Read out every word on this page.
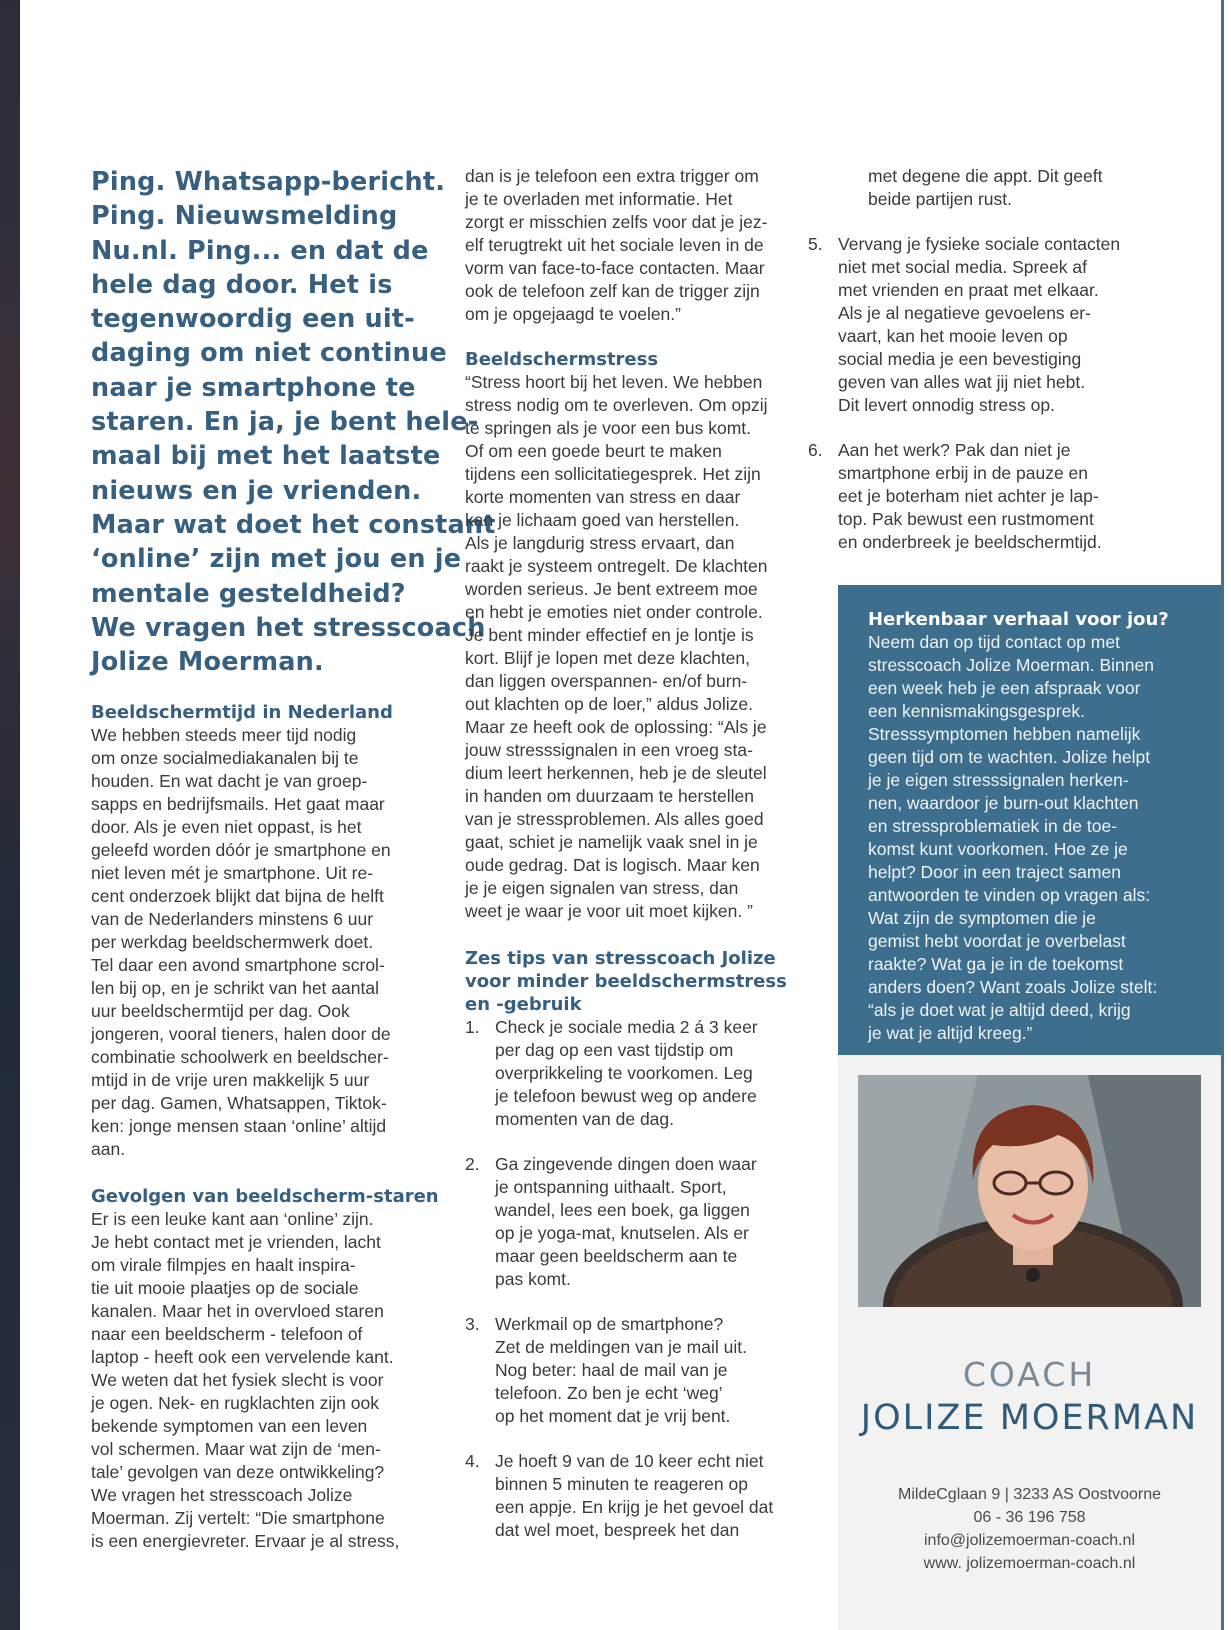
Ping. Whatsapp-bericht.
Ping. Nieuwsmelding
Nu.nl. Ping... en dat de
hele dag door. Het is
tegenwoordig een uit-
daging om niet continue
naar je smartphone te
staren. En ja, je bent hele-
maal bij met het laatste
nieuws en je vrienden.
Maar wat doet het constant
‘online’ zijn met jou en je
mentale gesteldheid?
We vragen het stresscoach
Jolize Moerman.
Beeldschermtijd in Nederland
We hebben steeds meer tijd nodig
om onze socialmediakanalen bij te
houden. En wat dacht je van groep-
sapps en bedrijfsmails. Het gaat maar
door. Als je even niet oppast, is het
geleefd worden dóór je smartphone en
niet leven mét je smartphone. Uit re-
cent onderzoek blijkt dat bijna de helft
van de Nederlanders minstens 6 uur
per werkdag beeldschermwerk doet.
Tel daar een avond smartphone scrol-
len bij op, en je schrikt van het aantal
uur beeldschermtijd per dag. Ook
jongeren, vooral tieners, halen door de
combinatie schoolwerk en beeldscher-
mtijd in de vrije uren makkelijk 5 uur
per dag. Gamen, Whatsappen, Tiktok-
ken: jonge mensen staan ‘online’ altijd
aan.
Gevolgen van beeldscherm-staren
Er is een leuke kant aan ‘online’ zijn.
Je hebt contact met je vrienden, lacht
om virale filmpjes en haalt inspira-
tie uit mooie plaatjes op de sociale
kanalen. Maar het in overvloed staren
naar een beeldscherm - telefoon of
laptop - heeft ook een vervelende kant.
We weten dat het fysiek slecht is voor
je ogen. Nek- en rugklachten zijn ook
bekende symptomen van een leven
vol schermen. Maar wat zijn de ‘men-
tale’ gevolgen van deze ontwikkeling?
We vragen het stresscoach Jolize
Moerman. Zij vertelt: “Die smartphone
is een energievreter. Ervaar je al stress,
dan is je telefoon een extra trigger om
je te overladen met informatie. Het
zorgt er misschien zelfs voor dat je jez-
elf terugtrekt uit het sociale leven in de
vorm van face-to-face contacten. Maar
ook de telefoon zelf kan de trigger zijn
om je opgejaagd te voelen.”
Beeldschermstress
“Stress hoort bij het leven. We hebben
stress nodig om te overleven. Om opzij
te springen als je voor een bus komt.
Of om een goede beurt te maken
tijdens een sollicitatiegesprek. Het zijn
korte momenten van stress en daar
kan je lichaam goed van herstellen.
Als je langdurig stress ervaart, dan
raakt je systeem ontregelt. De klachten
worden serieus. Je bent extreem moe
en hebt je emoties niet onder controle.
Je bent minder effectief en je lontje is
kort. Blijf je lopen met deze klachten,
dan liggen overspannen- en/of burn-
out klachten op de loer,” aldus Jolize.
Maar ze heeft ook de oplossing: “Als je
jouw stresssignalen in een vroeg sta-
dium leert herkennen, heb je de sleutel
in handen om duurzaam te herstellen
van je stressproblemen. Als alles goed
gaat, schiet je namelijk vaak snel in je
oude gedrag. Dat is logisch. Maar ken
je je eigen signalen van stress, dan
weet je waar je voor uit moet kijken. ”
Zes tips van stresscoach Jolize
voor minder beeldschermstress
en -gebruik
1. Check je sociale media 2 á 3 keer
per dag op een vast tijdstip om
overprikkeling te voorkomen. Leg
je telefoon bewust weg op andere
momenten van de dag.
2. Ga zingevende dingen doen waar
je ontspanning uithaalt. Sport,
wandel, lees een boek, ga liggen
op je yoga-mat, knutselen. Als er
maar geen beeldscherm aan te
pas komt.
3. Werkmail op de smartphone?
Zet de meldingen van je mail uit.
Nog beter: haal de mail van je
telefoon. Zo ben je echt ‘weg’
op het moment dat je vrij bent.
4. Je hoeft 9 van de 10 keer echt niet
binnen 5 minuten te reageren op
een appje. En krijg je het gevoel dat
dat wel moet, bespreek het dan
met degene die appt. Dit geeft
beide partijen rust.
5. Vervang je fysieke sociale contacten
niet met social media. Spreek af
met vrienden en praat met elkaar.
Als je al negatieve gevoelens er-
vaart, kan het mooie leven op
social media je een bevestiging
geven van alles wat jij niet hebt.
Dit levert onnodig stress op.
6. Aan het werk? Pak dan niet je
smartphone erbij in de pauze en
eet je boterham niet achter je lap-
top. Pak bewust een rustmoment
en onderbreek je beeldschermtijd.
Herkenbaar verhaal voor jou?
Neem dan op tijd contact op met
stresscoach Jolize Moerman. Binnen
een week heb je een afspraak voor
een kennismakingsgesprek.
Stresssymptomen hebben namelijk
geen tijd om te wachten. Jolize helpt
je je eigen stresssignalen herken-
nen, waardoor je burn-out klachten
en stressproblematiek in de toe-
komst kunt voorkomen. Hoe ze je
helpt? Door in een traject samen
antwoorden te vinden op vragen als:
Wat zijn de symptomen die je
gemist hebt voordat je overbelast
raakte? Wat ga je in de toekomst
anders doen? Want zoals Jolize stelt:
“als je doet wat je altijd deed, krijg
je wat je altijd kreeg.”
COACH
JOLIZE MOERMAN
MildeCglaan 9 | 3233 AS Oostvoorne
06 - 36 196 758
info@jolizemoerman-coach.nl
www. jolizemoerman-coach.nl
